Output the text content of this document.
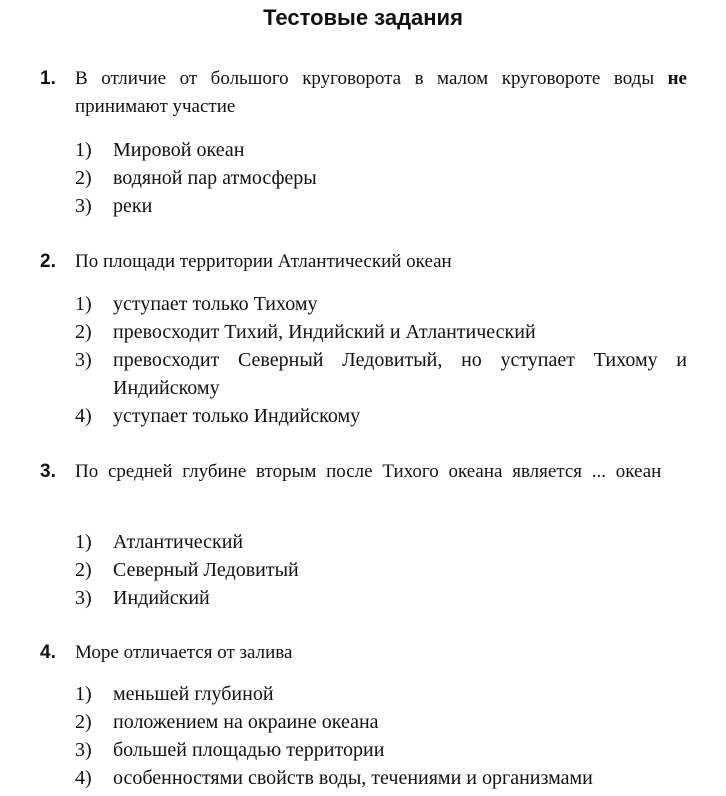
Тестовые задания
1.	В отличие от большого круговорота в малом круговороте воды не принимают участие
1)	Мировой океан
2)	водяной пар атмосферы
3)	реки
2.	По площади территории Атлантический океан
1)	уступает только Тихому
2)	превосходит Тихий, Индийский и Атлантический
3)	превосходит Северный Ледовитый, но уступает Тихому и Индийскому
4)	уступает только Индийскому
3.	По средней глубине вторым после Тихого океана является ... океан
1)	Атлантический
2)	Северный Ледовитый
3)	Индийский
4.	Море отличается от залива
1)	меньшей глубиной
2)	положением на окраине океана
3)	большей площадью территории
4)	особенностями свойств воды, течениями и организмами
